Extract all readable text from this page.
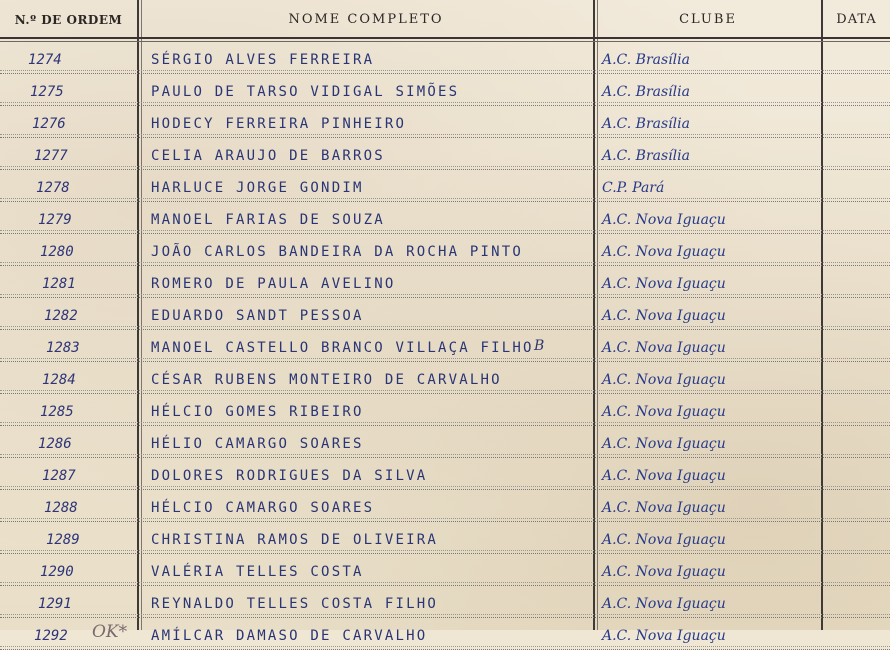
N.º DE ORDEM	NOME COMPLETO	CLUBE	DATA
1274	SÉRGIO ALVES FERREIRA	A.C. Brasília
1275	PAULO DE TARSO VIDIGAL SIMÕES	A.C. Brasília
1276	HODECY FERREIRA PINHEIRO	A.C. Brasília
1277	CELIA ARAUJO DE BARROS	A.C. Brasília
1278	HARLUCE JORGE GONDIM	C.P. Pará
1279	MANOEL FARIAS DE SOUZA	A.C. Nova Iguaçu
1280	JOÃO CARLOS BANDEIRA DA ROCHA PINTO	A.C. Nova Iguaçu
1281	ROMERO DE PAULA AVELINO	A.C. Nova Iguaçu
1282	EDUARDO SANDT PESSOA	A.C. Nova Iguaçu
1283	MANOEL CASTELLO BRANCO VILLAÇA FILHO	A.C. Nova Iguaçu
B
1284	CÉSAR RUBENS MONTEIRO DE CARVALHO	A.C. Nova Iguaçu
1285	HÉLCIO GOMES RIBEIRO	A.C. Nova Iguaçu
1286	HÉLIO CAMARGO SOARES	A.C. Nova Iguaçu
1287	DOLORES RODRIGUES DA SILVA	A.C. Nova Iguaçu
1288	HÉLCIO CAMARGO SOARES	A.C. Nova Iguaçu
1289	CHRISTINA RAMOS DE OLIVEIRA	A.C. Nova Iguaçu
1290	VALÉRIA TELLES COSTA	A.C. Nova Iguaçu
1291	REYNALDO TELLES COSTA FILHO	A.C. Nova Iguaçu
1292	AMÍLCAR DAMASO DE CARVALHO	A.C. Nova Iguaçu
OK*
